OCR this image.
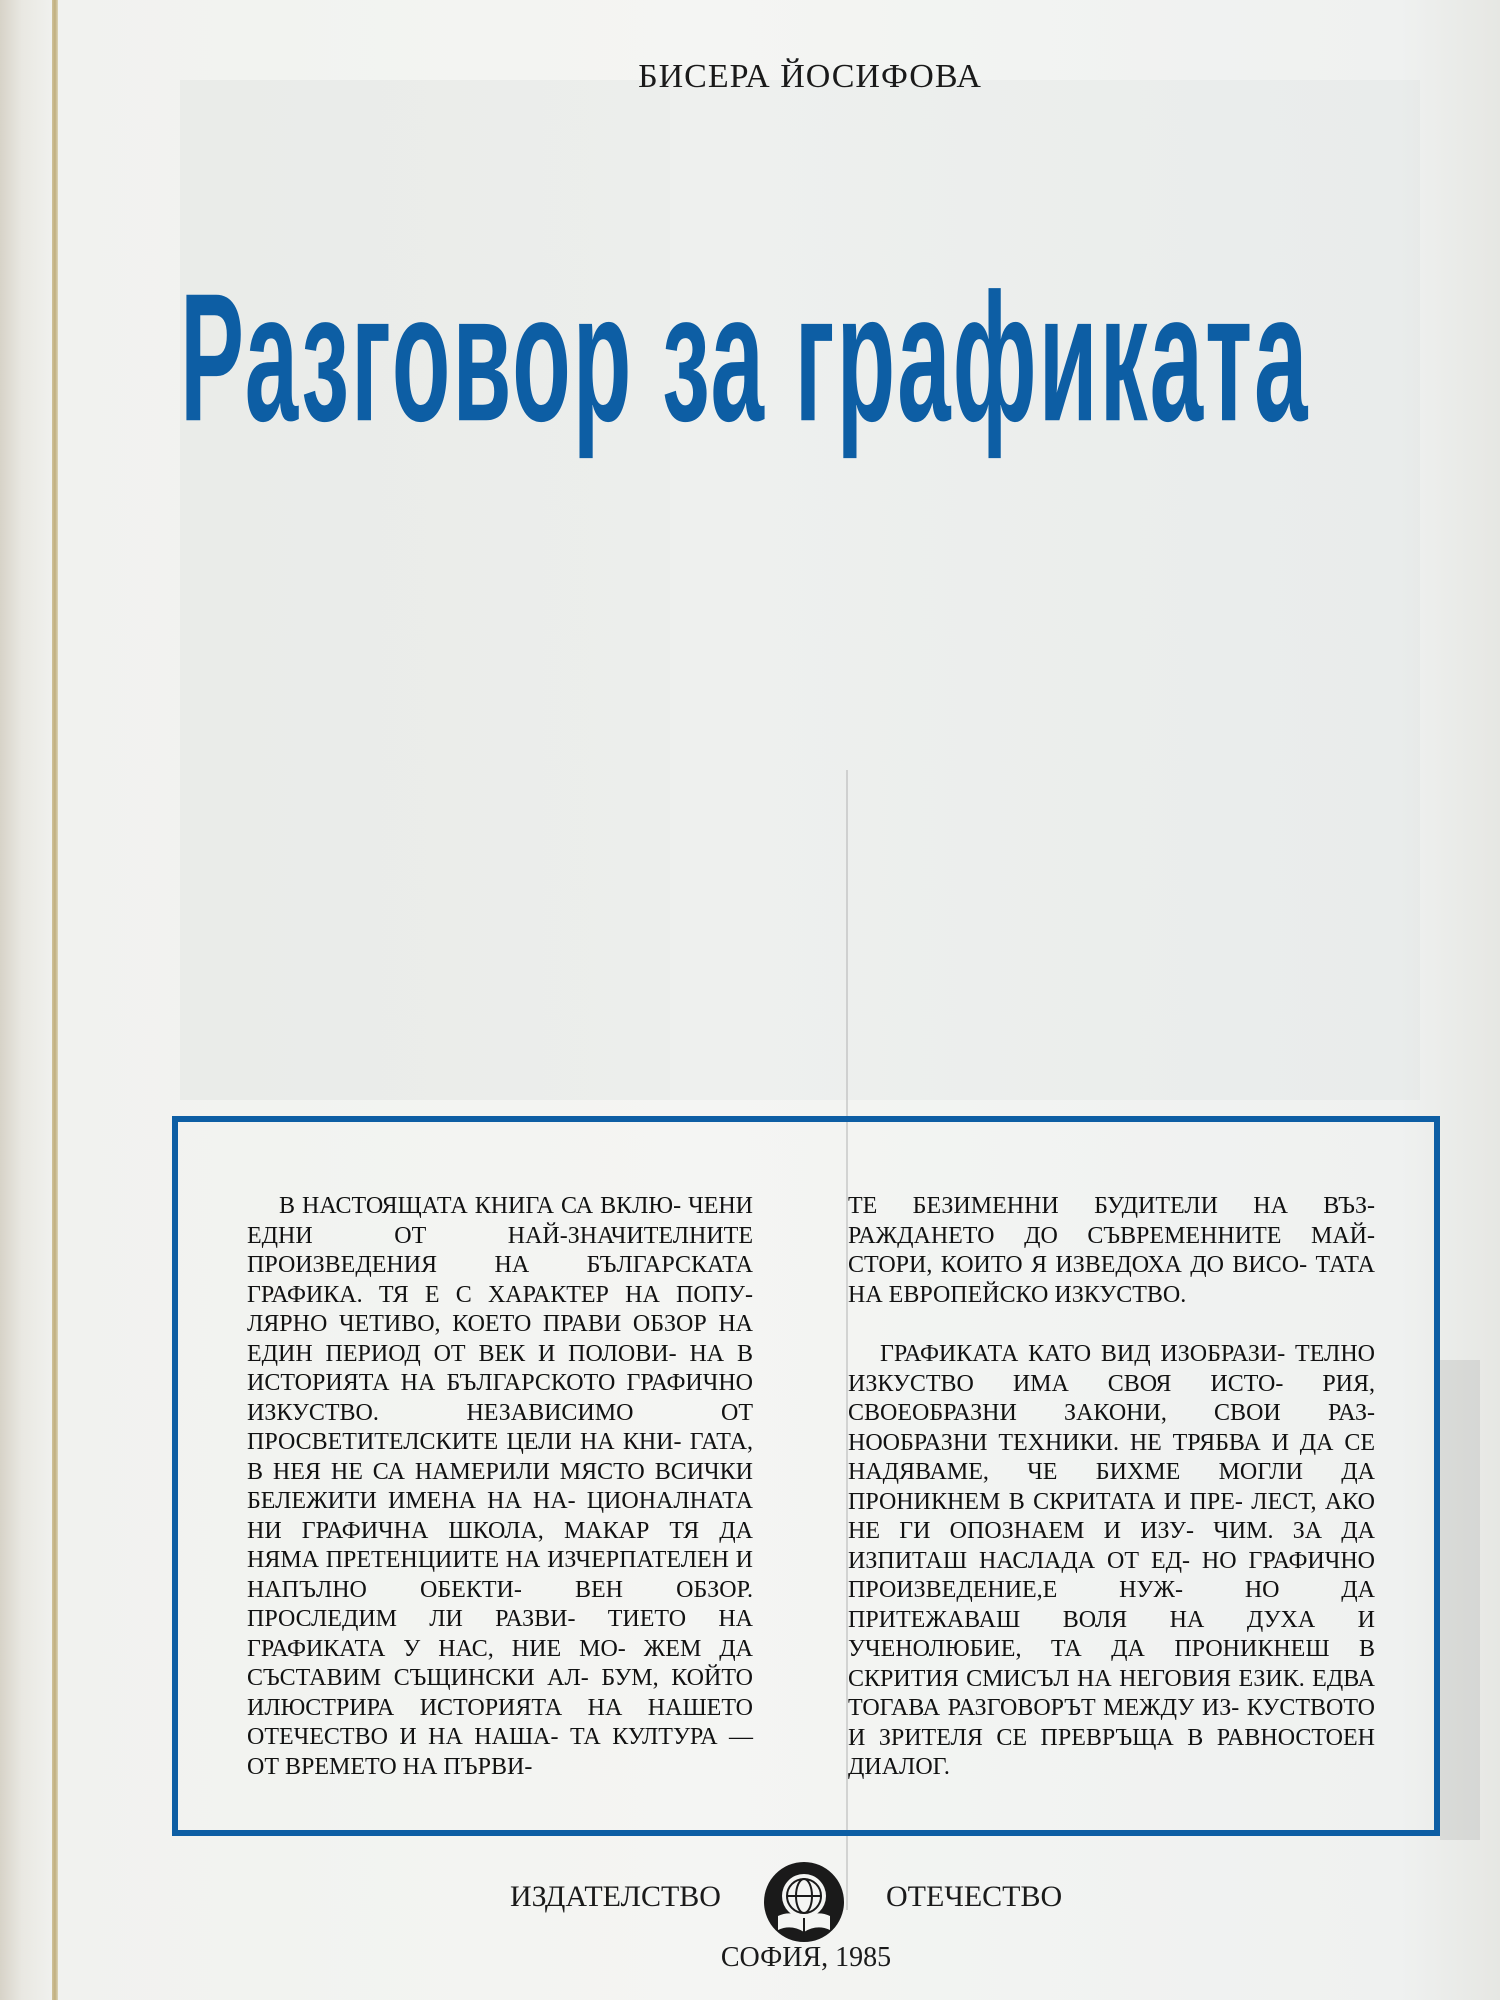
БИСЕРА ЙОСИФОВА
Разговор за графиката

В НАСТОЯЩАТА КНИГА СА ВКЛЮ- ЧЕНИ ЕДНИ ОТ НАЙ-ЗНАЧИТЕЛНИТЕ ПРОИЗВЕДЕНИЯ НА БЪЛГАРСКАТА ГРАФИКА. ТЯ Е С ХАРАКТЕР НА ПОПУ- ЛЯРНО ЧЕТИВО, КОЕТО ПРАВИ ОБЗОР НА ЕДИН ПЕРИОД ОТ ВЕК И ПОЛОВИ- НА В ИСТОРИЯТА НА БЪЛГАРСКОТО ГРАФИЧНО ИЗКУСТВО. НЕЗАВИСИМО	ОТ ПРОСВЕТИТЕЛСКИТЕ ЦЕЛИ НА КНИ- ГАТА, В НЕЯ НЕ СА НАМЕРИЛИ МЯСТО ВСИЧКИ БЕЛЕЖИТИ ИМЕНА НА НА- ЦИОНАЛНАТА НИ ГРАФИЧНА ШКОЛА, МАКАР ТЯ ДА НЯМА ПРЕТЕНЦИИТЕ НА ИЗЧЕРПАТЕЛЕН И НАПЪЛНО ОБЕКТИ- ВЕН ОБЗОР. ПРОСЛЕДИМ ЛИ РАЗВИ- ТИЕТО НА ГРАФИКАТА У НАС, НИЕ МО- ЖЕМ ДА СЪСТАВИМ СЪЩИНСКИ АЛ- БУМ, КОЙТО ИЛЮСТРИРА ИСТОРИЯТА НА НАШЕТО ОТЕЧЕСТВО И НА НАША- ТА КУЛТУРА — ОТ ВРЕМЕТО НА ПЪРВИ-

ТЕ БЕЗИМЕННИ БУДИТЕЛИ НА ВЪЗ- РАЖДАНЕТО ДО СЪВРЕМЕННИТЕ МАЙ- СТОРИ, КОИТО Я ИЗВЕДОХА ДО ВИСО- ТАТА НА ЕВРОПЕЙСКО ИЗКУСТВО.

ГРАФИКАТА КАТО ВИД ИЗОБРАЗИ- ТЕЛНО ИЗКУСТВО ИМА СВОЯ ИСТО- РИЯ, СВОЕОБРАЗНИ ЗАКОНИ, СВОИ РАЗ- НООБРАЗНИ ТЕХНИКИ. НЕ ТРЯБВА И ДА СЕ НАДЯВАМЕ, ЧЕ БИХМЕ МОГЛИ ДА ПРОНИКНЕМ В СКРИТАТА И ПРЕ- ЛЕСТ, АКО НЕ ГИ ОПОЗНАЕМ И ИЗУ- ЧИМ. ЗА ДА ИЗПИТАШ НАСЛАДА ОТ ЕД- НО ГРАФИЧНО ПРОИЗВЕДЕНИЕ,Е НУЖ-	НО ДА ПРИТЕЖАВАШ ВОЛЯ НА ДУХА И УЧЕНОЛЮБИЕ, ТА ДА ПРОНИКНЕШ В СКРИТИЯ СМИСЪЛ НА НЕГОВИЯ ЕЗИК. ЕДВА ТОГАВА РАЗГОВОРЪТ МЕЖДУ ИЗ- КУСТВОТО И ЗРИТЕЛЯ СЕ ПРЕВРЪЩА В РАВНОСТОЕН ДИАЛОГ.

ИЗДАТЕЛСТВО	ОТЕЧЕСТВО
СОФИЯ, 1985
